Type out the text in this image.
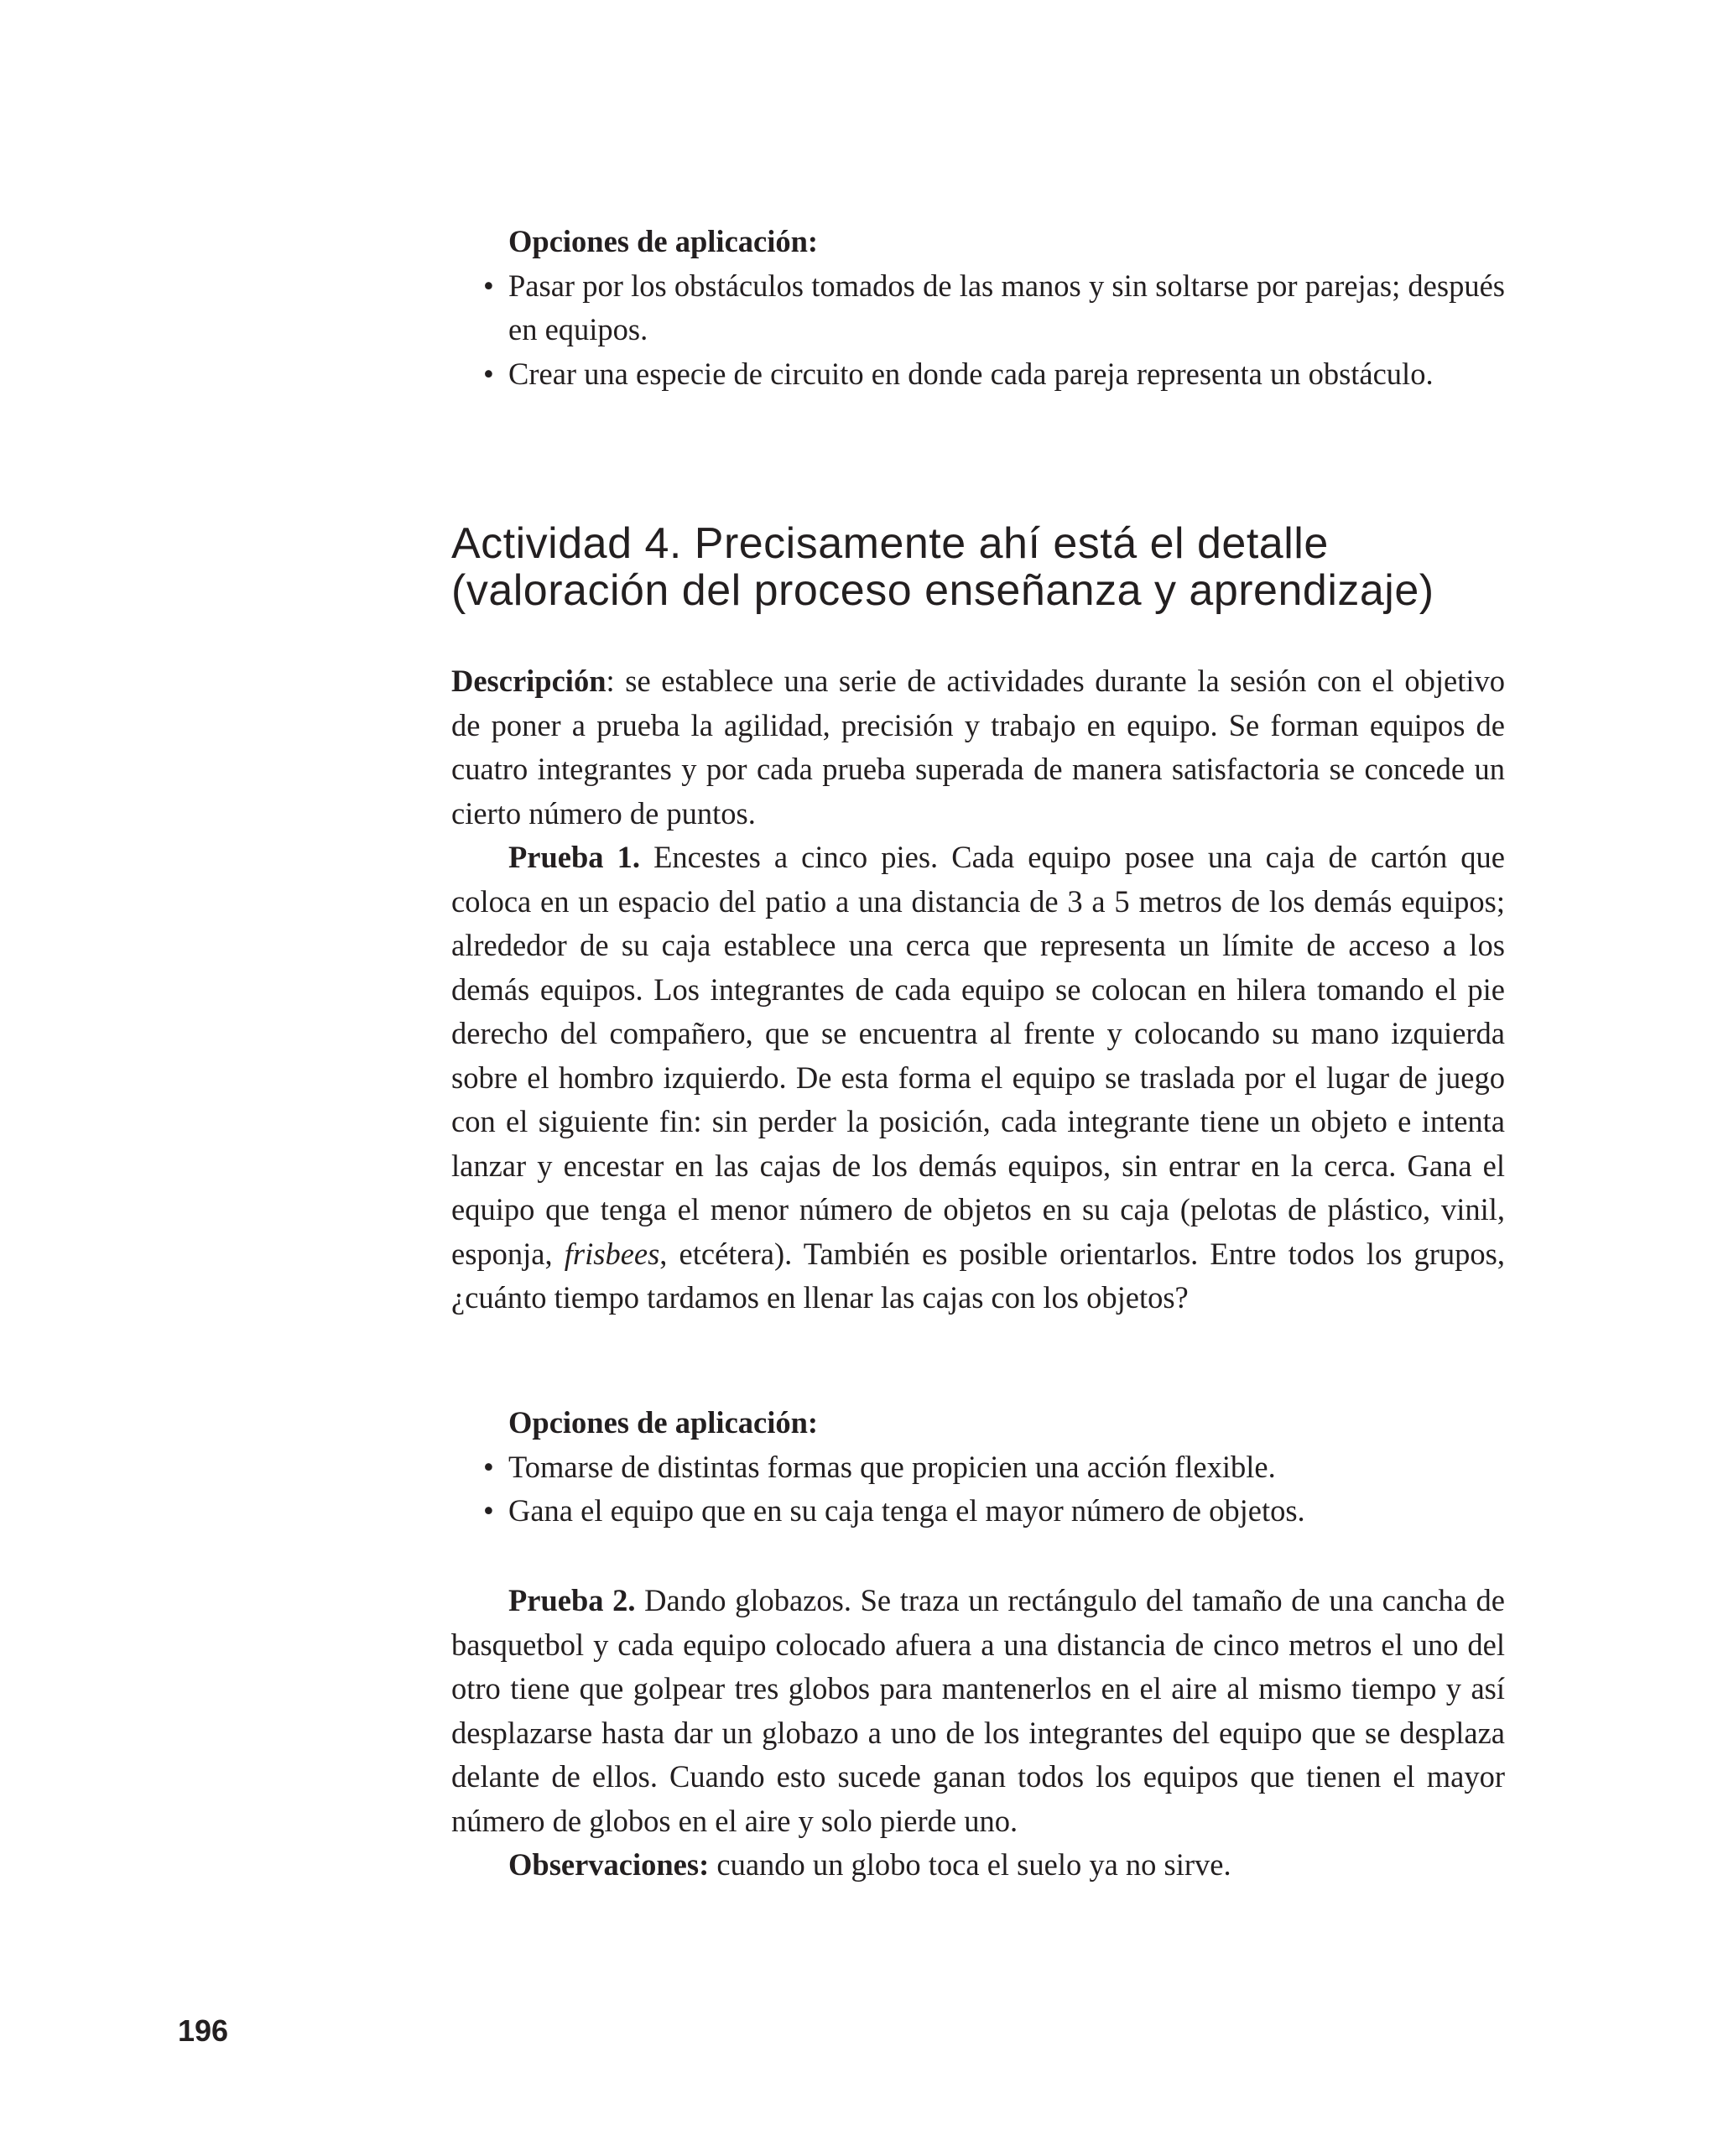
Opciones de aplicación:

• Pasar por los obstáculos tomados de las manos y sin soltarse por parejas; después en equipos.
• Crear una especie de circuito en donde cada pareja representa un obstáculo.
Actividad 4. Precisamente ahí está el detalle
(valoración del proceso enseñanza y aprendizaje)

Descripción: se establece una serie de actividades durante la sesión con el objetivo de poner a prueba la agilidad, precisión y trabajo en equipo. Se forman equipos de cuatro integrantes y por cada prueba superada de manera satisfactoria se concede un cierto número de puntos.

Prueba 1. Encestes a cinco pies. Cada equipo posee una caja de cartón que coloca en un espacio del patio a una distancia de 3 a 5 metros de los demás equipos; alrededor de su caja establece una cerca que representa un límite de acceso a los demás equipos. Los integrantes de cada equipo se colocan en hilera tomando el pie derecho del compañero, que se encuentra al frente y colocando su mano izquierda sobre el hombro izquierdo. De esta forma el equipo se traslada por el lugar de juego con el siguiente fin: sin perder la posición, cada integrante tiene un objeto e intenta lanzar y encestar en las cajas de los demás equipos, sin entrar en la cerca. Gana el equipo que tenga el menor número de objetos en su caja (pelotas de plástico, vinil, esponja, frisbees, etcétera). También es posible orientarlos. Entre todos los grupos, ¿cuánto tiempo tardamos en llenar las cajas con los objetos?

Opciones de aplicación:

• Tomarse de distintas formas que propicien una acción flexible.
• Gana el equipo que en su caja tenga el mayor número de objetos.

Prueba 2. Dando globazos. Se traza un rectángulo del tamaño de una cancha de basquetbol y cada equipo colocado afuera a una distancia de cinco metros el uno del otro tiene que golpear tres globos para mantenerlos en el aire al mismo tiempo y así desplazarse hasta dar un globazo a uno de los integrantes del equipo que se desplaza delante de ellos. Cuando esto sucede ganan todos los equipos que tienen el mayor número de globos en el aire y solo pierde uno.

Observaciones: cuando un globo toca el suelo ya no sirve.

196
